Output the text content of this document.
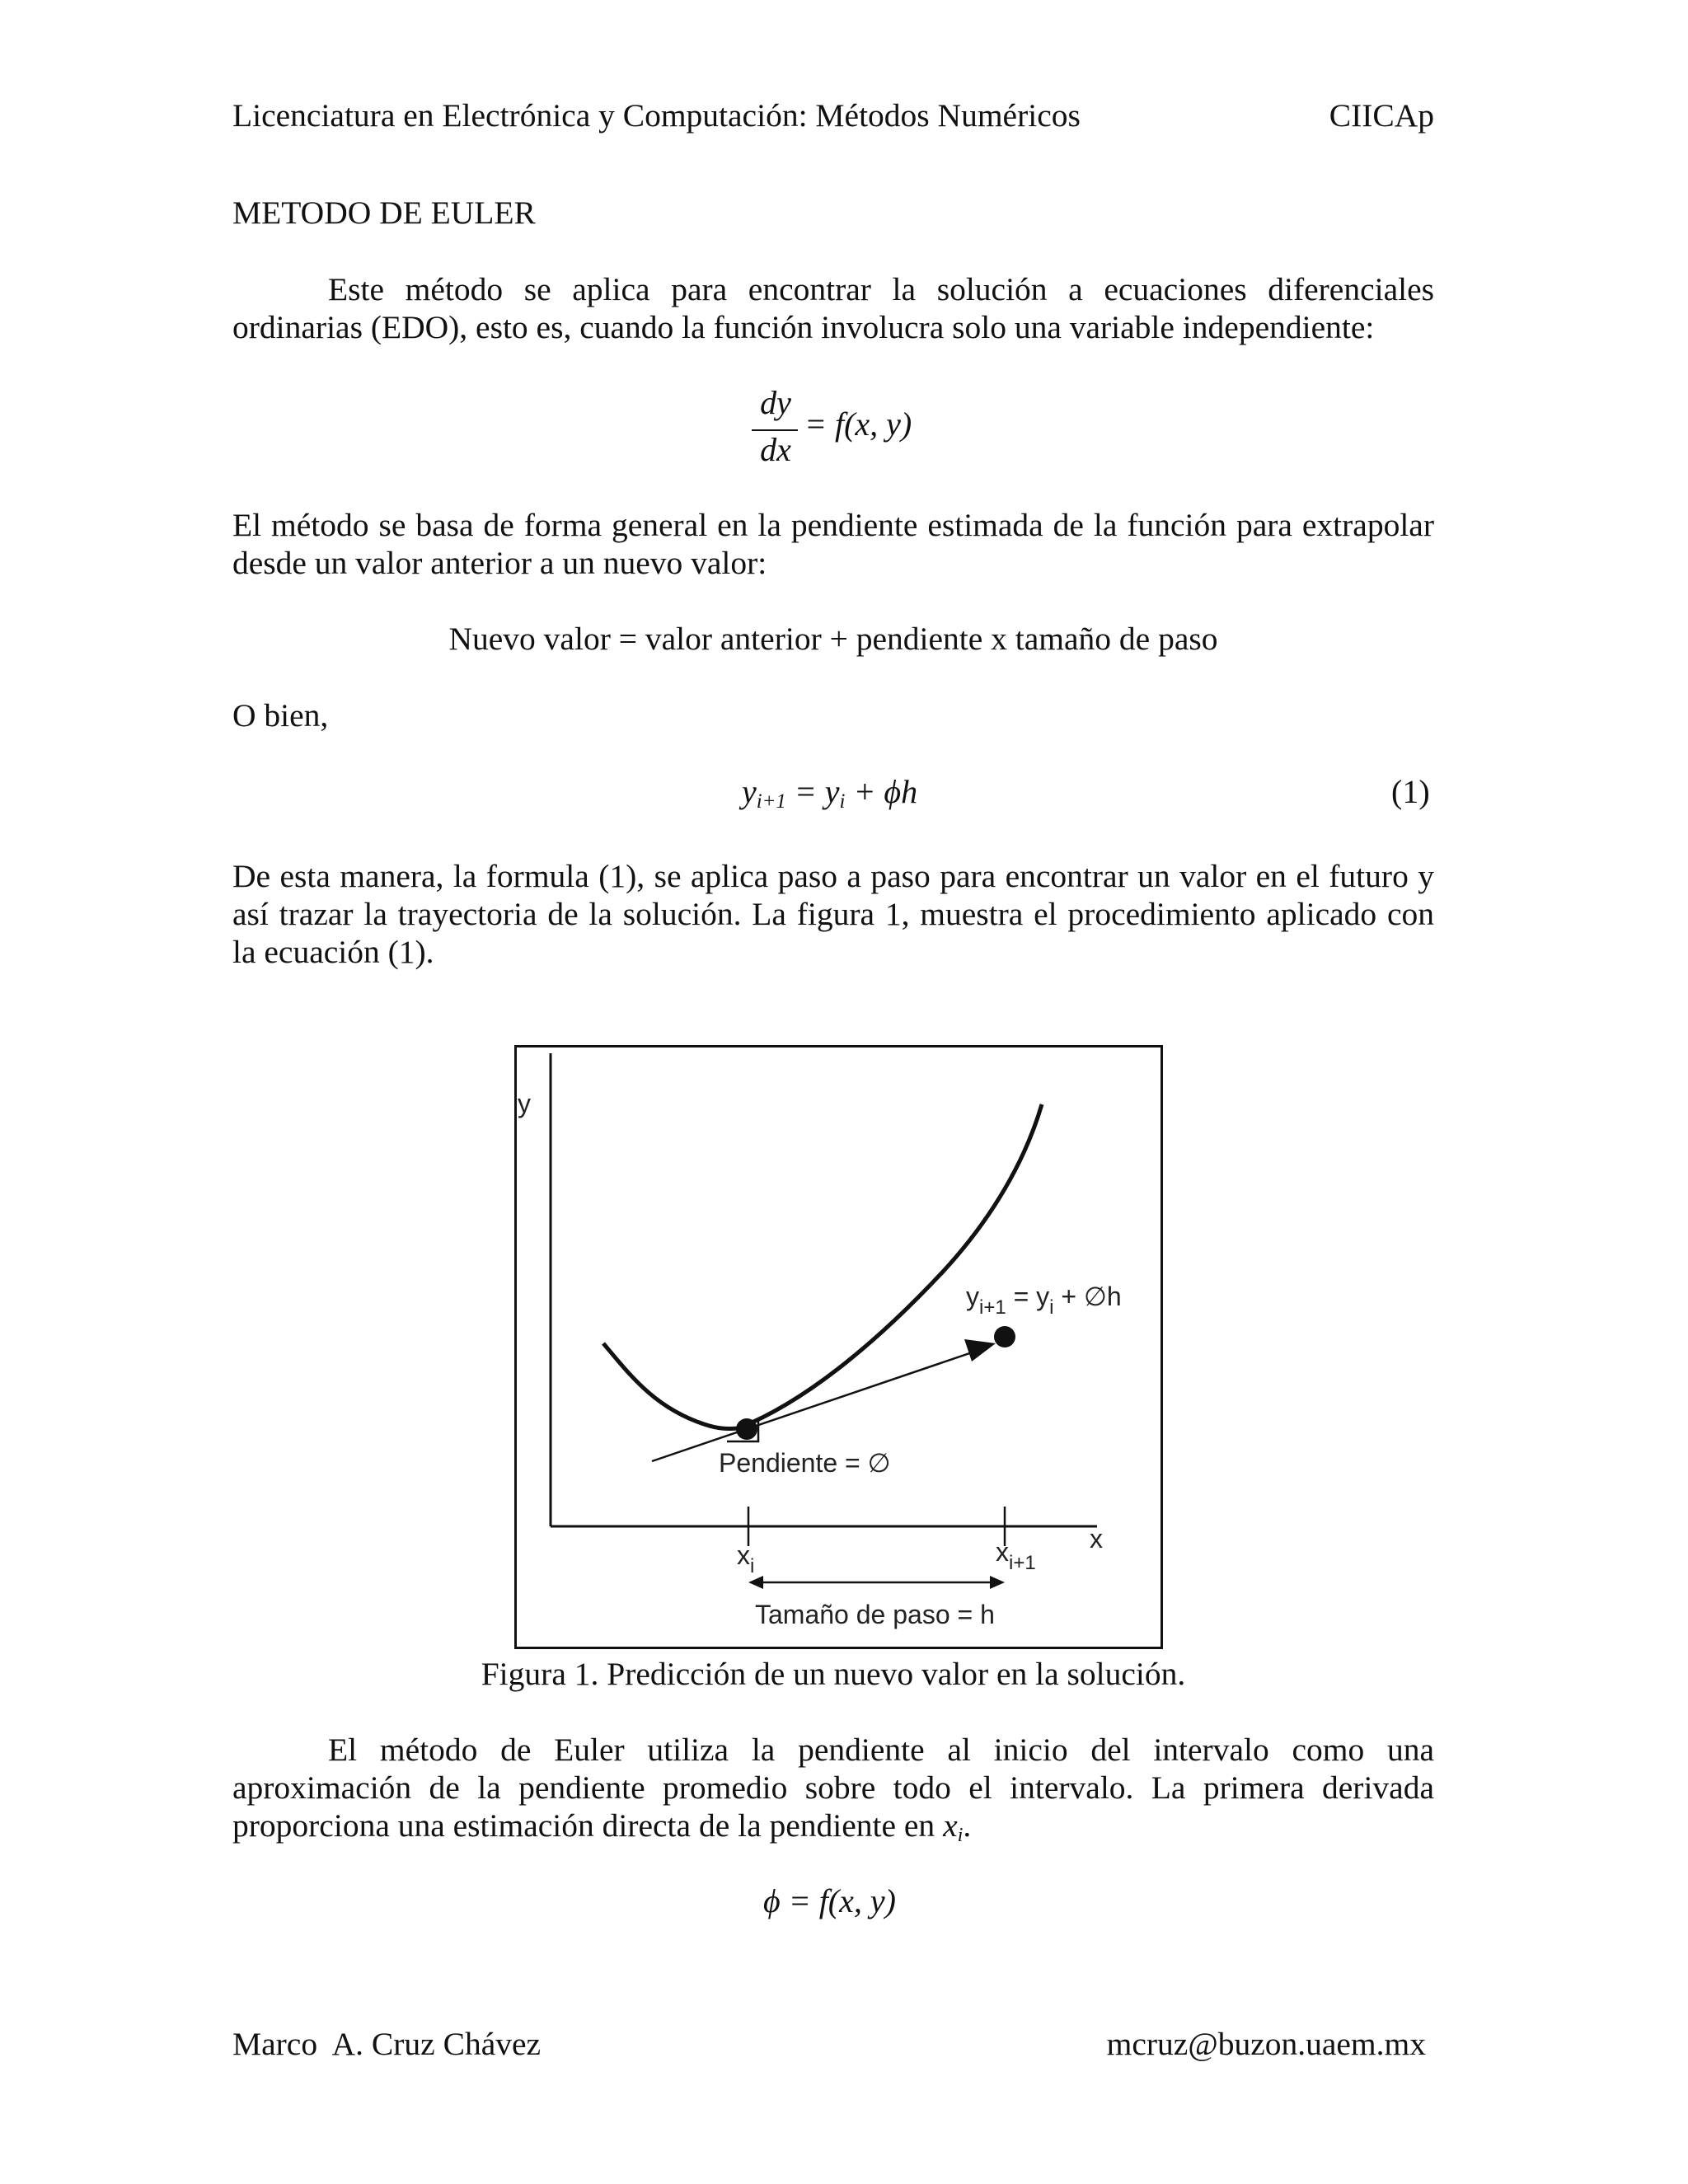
Licenciatura en Electrónica y Computación: Métodos Numéricos	CIICAp
METODO DE EULER
Este método se aplica para encontrar la solución a ecuaciones diferenciales
ordinarias (EDO), esto es, cuando la función involucra solo una variable independiente:
dy
dx
= f(x, y)
El método se basa de forma general en la pendiente estimada de la función para extrapolar
desde un valor anterior a un nuevo valor:
Nuevo valor = valor anterior + pendiente x tamaño de paso
O bien,
$y_{i+1} = y_i + \phi h$	(1)
De esta manera, la formula (1), se aplica paso a paso para encontrar un valor en el futuro y
así trazar la trayectoria de la solución. La figura 1, muestra el procedimiento aplicado con
la ecuación (1).
y
x
$y_{i+1} = y_i$ + ∅h
Pendiente = ∅
$x_i$	$x_{i+1}$
Tamaño de paso = h
Figura 1. Predicción de un nuevo valor en la solución.
El método de Euler utiliza la pendiente al inicio del intervalo como una
aproximación de la pendiente promedio sobre todo el intervalo. La primera derivada
proporciona una estimación directa de la pendiente en $x_i$.
ϕ = f(x, y)
Marco  A. Cruz Chávez	mcruz@buzon.uaem.mx
